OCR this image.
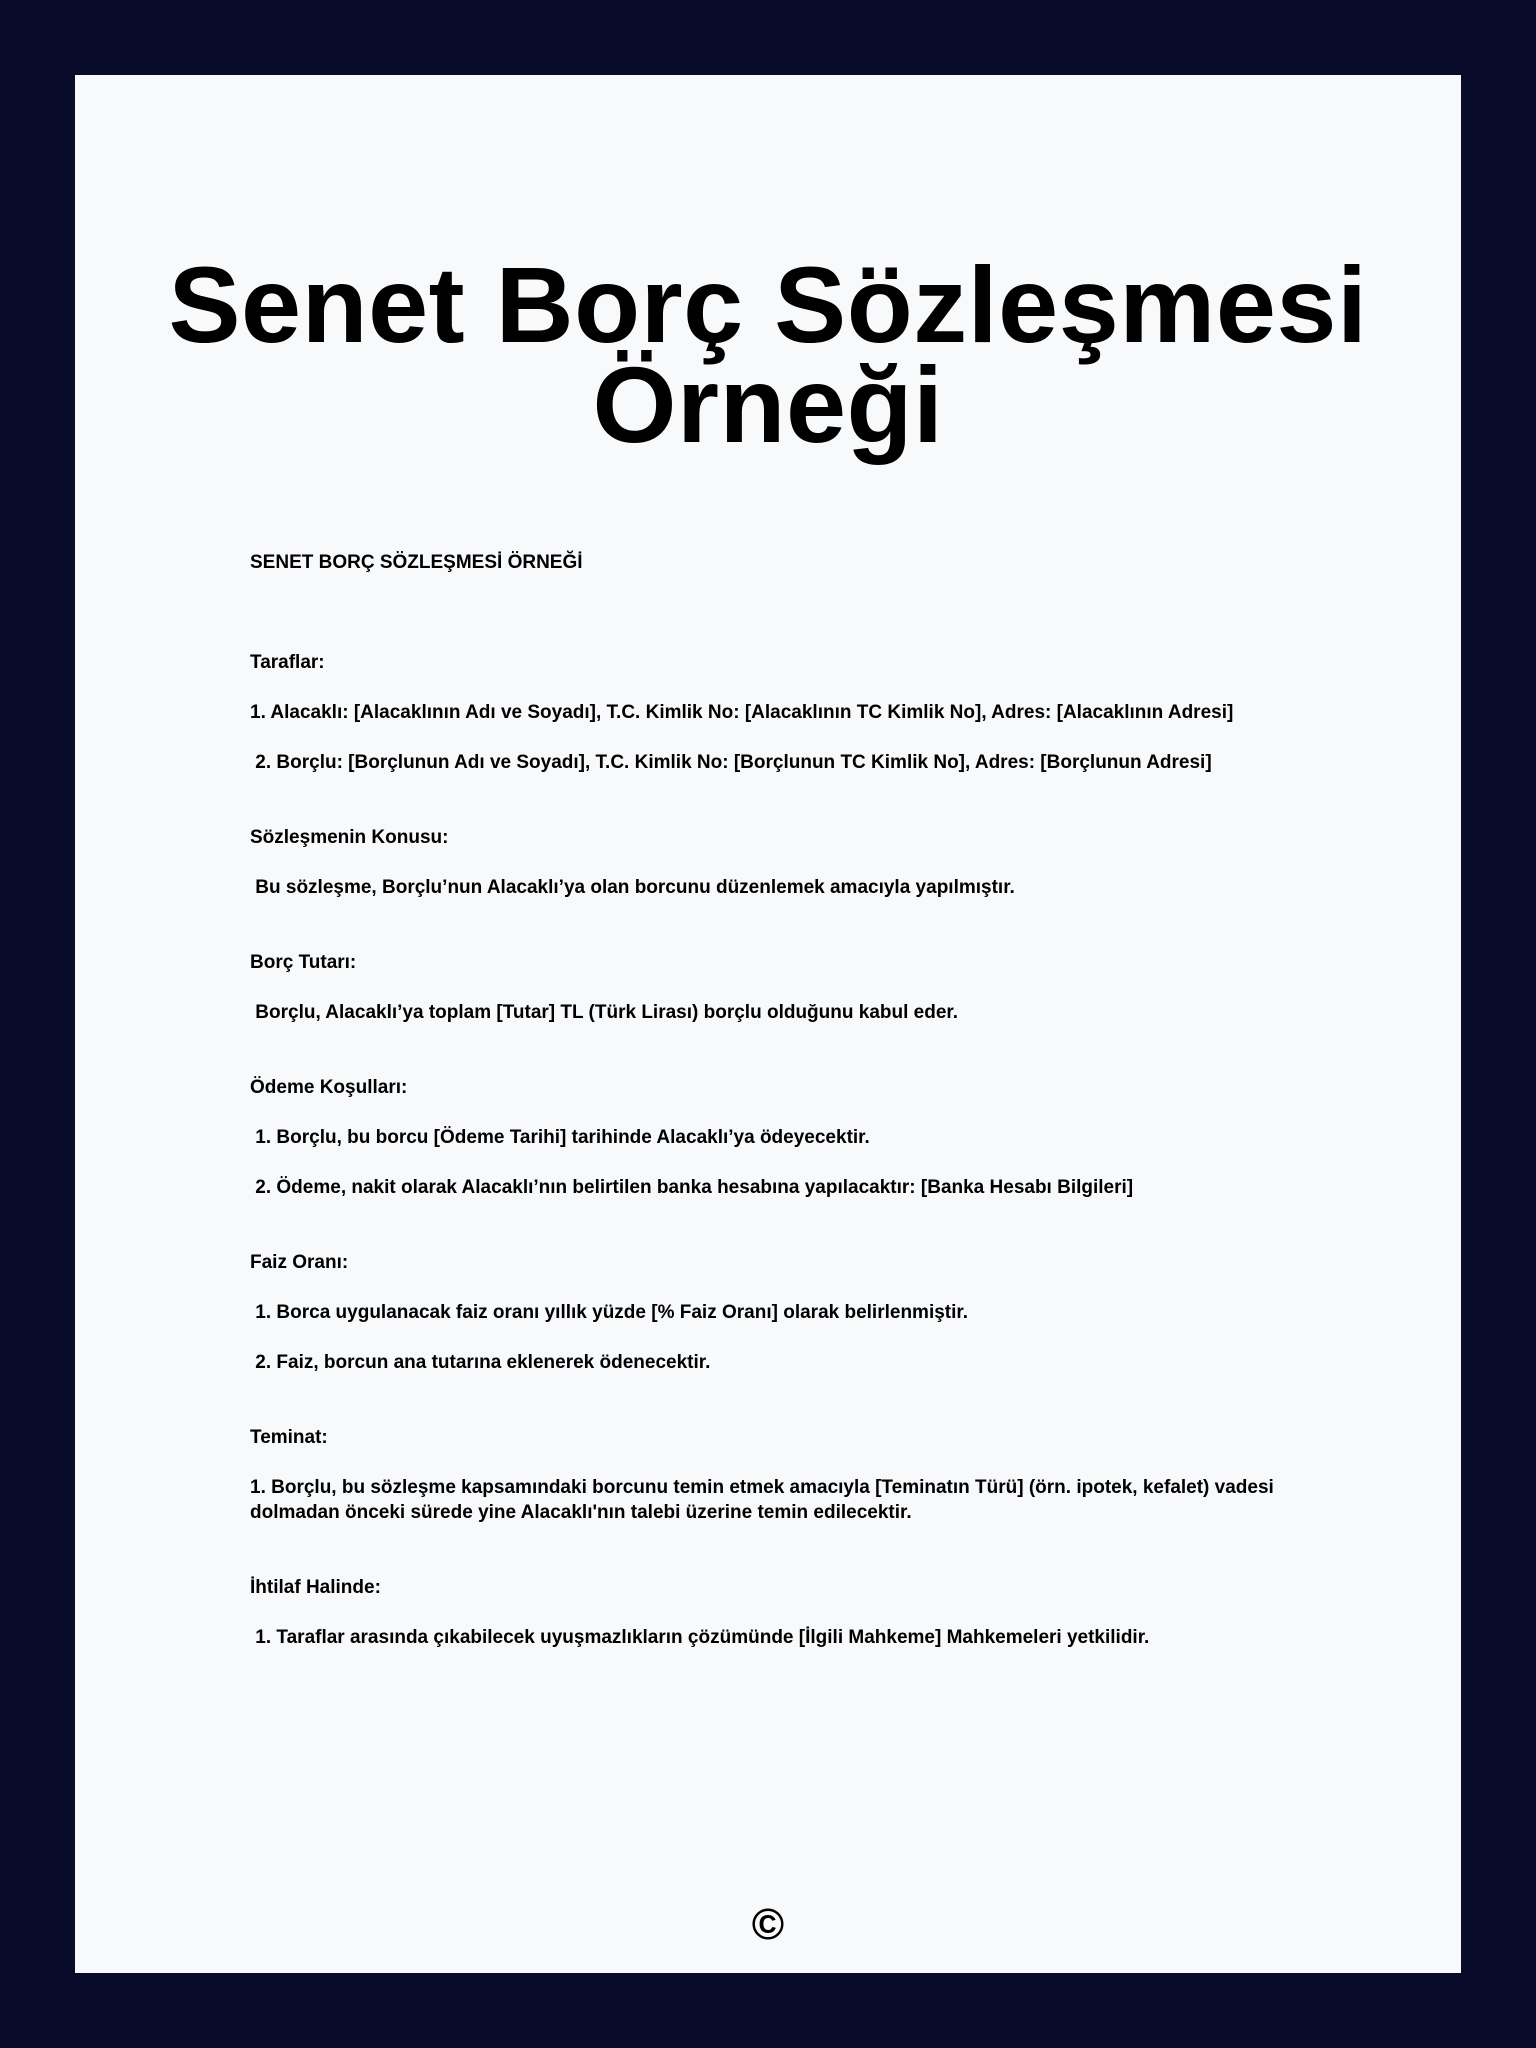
Senet Borç Sözleşmesi Örneği

SENET BORÇ SÖZLEŞMESİ ÖRNEĞİ

Taraflar:

1. Alacaklı: [Alacaklının Adı ve Soyadı], T.C. Kimlik No: [Alacaklının TC Kimlik No], Adres: [Alacaklının Adresi]

2. Borçlu: [Borçlunun Adı ve Soyadı], T.C. Kimlik No: [Borçlunun TC Kimlik No], Adres: [Borçlunun Adresi]

Sözleşmenin Konusu:

Bu sözleşme, Borçlu’nun Alacaklı’ya olan borcunu düzenlemek amacıyla yapılmıştır.

Borç Tutarı:

Borçlu, Alacaklı’ya toplam [Tutar] TL (Türk Lirası) borçlu olduğunu kabul eder.

Ödeme Koşulları:

1. Borçlu, bu borcu [Ödeme Tarihi] tarihinde Alacaklı’ya ödeyecektir.

2. Ödeme, nakit olarak Alacaklı’nın belirtilen banka hesabına yapılacaktır: [Banka Hesabı Bilgileri]

Faiz Oranı:

1. Borca uygulanacak faiz oranı yıllık yüzde [% Faiz Oranı] olarak belirlenmiştir.

2. Faiz, borcun ana tutarına eklenerek ödenecektir.

Teminat:

1. Borçlu, bu sözleşme kapsamındaki borcunu temin etmek amacıyla [Teminatın Türü] (örn. ipotek, kefalet) vadesi dolmadan önceki sürede yine Alacaklı'nın talebi üzerine temin edilecektir.

İhtilaf Halinde:

1. Taraflar arasında çıkabilecek uyuşmazlıkların çözümünde [İlgili Mahkeme] Mahkemeleri yetkilidir.

©
